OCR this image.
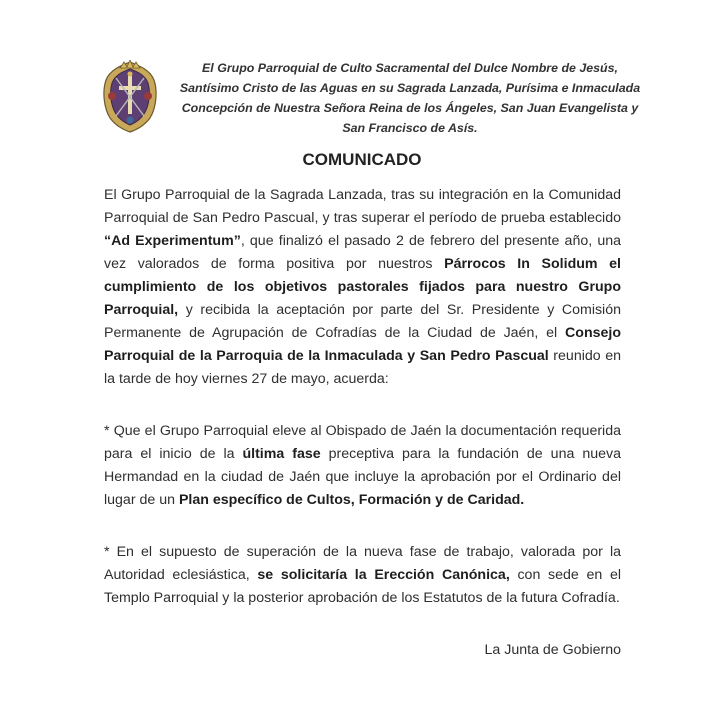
El Grupo Parroquial de Culto Sacramental del Dulce Nombre de Jesús, Santísimo Cristo de las Aguas en su Sagrada Lanzada, Purísima e Inmaculada Concepción de Nuestra Señora Reina de los Ángeles, San Juan Evangelista y San Francisco de Asís.
COMUNICADO

El Grupo Parroquial de la Sagrada Lanzada, tras su integración en la Comunidad Parroquial de San Pedro Pascual, y tras superar el período de prueba establecido “Ad Experimentum”, que finalizó el pasado 2 de febrero del presente año, una vez valorados de forma positiva por nuestros Párrocos In Solidum el cumplimiento de los objetivos pastorales fijados para nuestro Grupo Parroquial, y recibida la aceptación por parte del Sr. Presidente y Comisión Permanente de Agrupación de Cofradías de la Ciudad de Jaén, el Consejo Parroquial de la Parroquia de la Inmaculada y San Pedro Pascual reunido en la tarde de hoy viernes 27 de mayo, acuerda:

* Que el Grupo Parroquial eleve al Obispado de Jaén la documentación requerida para el inicio de la última fase preceptiva para la fundación de una nueva Hermandad en la ciudad de Jaén que incluye la aprobación por el Ordinario del lugar de un Plan específico de Cultos, Formación y de Caridad.

* En el supuesto de superación de la nueva fase de trabajo, valorada por la Autoridad eclesiástica, se solicitaría la Erección Canónica, con sede en el Templo Parroquial y la posterior aprobación de los Estatutos de la futura Cofradía.

La Junta de Gobierno
